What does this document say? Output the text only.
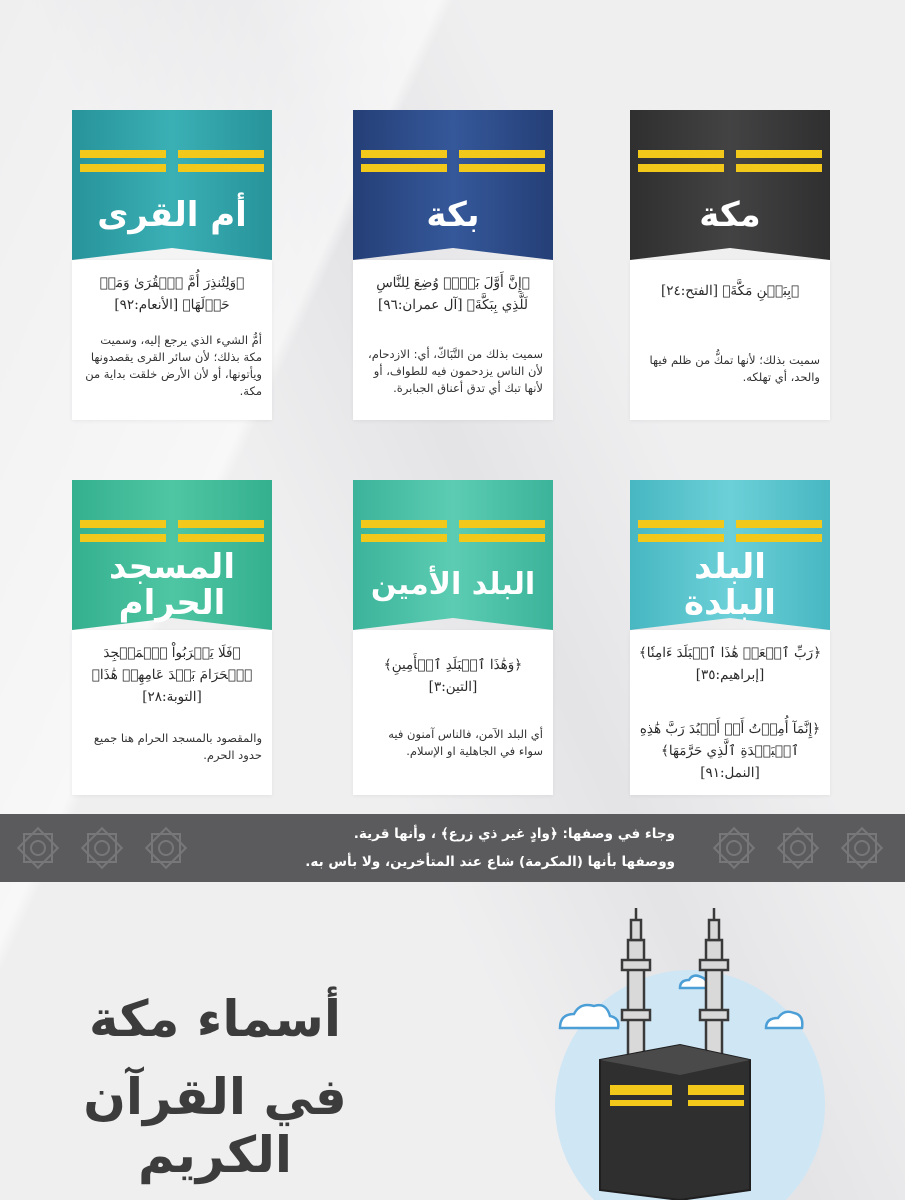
مكة
﴿بِبَطۡنِ مَكَّةَ﴾ [الفتح:٢٤]
سميت بذلك؛ لأنها تمكُّ من ظلم فيها والحد، أي تهلكه.
بكة
﴿إِنَّ أَوَّلَ بَيۡتٖ وُضِعَ لِلنَّاسِ لَلَّذِي بِبَكَّةَ﴾ [آل عمران:٩٦]
سميت بذلك من التَّبَاكّ، أي: الازدحام، لأن الناس يزدحمون فيه للطواف، أو لأنها تبك أي تدق أعناق الجبابرة.
أم القرى
﴿وَلِتُنذِرَ أُمَّ ٱلۡقُرَىٰ وَمَنۡ حَوۡلَهَا﴾ [الأنعام:٩٢]
أمُّ الشيء الذي يرجع إليه، وسميت مكة بذلك؛ لأن سائر القرى يقصدونها ويأتونها، أو لأن الأرض خلقت بداية من مكة.
البلد
البلدة
﴿رَبِّ ٱجۡعَلۡ هَٰذَا ٱلۡبَلَدَ ءَامِنٗا﴾ [إبراهيم:٣٥]
﴿إِنَّمَآ أُمِرۡتُ أَنۡ أَعۡبُدَ رَبَّ هَٰذِهِ ٱلۡبَلۡدَةِ ٱلَّذِي حَرَّمَهَا﴾ [النمل:٩١]
البلد الأمين
﴿وَهَٰذَا ٱلۡبَلَدِ ٱلۡأَمِينِ﴾ [التين:٣]
أي البلد الآمن، فالناس آمنون فيه سواء في الجاهلية او الإسلام.
المسجد
الحرام
﴿فَلَا يَقۡرَبُواْ ٱلۡمَسۡجِدَ ٱلۡحَرَامَ بَعۡدَ عَامِهِمۡ هَٰذَا﴾ [التوبة:٢٨]
والمقصود بالمسجد الحرام هنا جميع حدود الحرم.
وجاء في وصفها: ﴿وادٍ غير ذي زرع﴾ ، وأنها قرية.
ووصفها بأنها (المكرمة) شاع عند المتأخرين، ولا بأس به.
أسماء مكة
في القرآن الكريم
